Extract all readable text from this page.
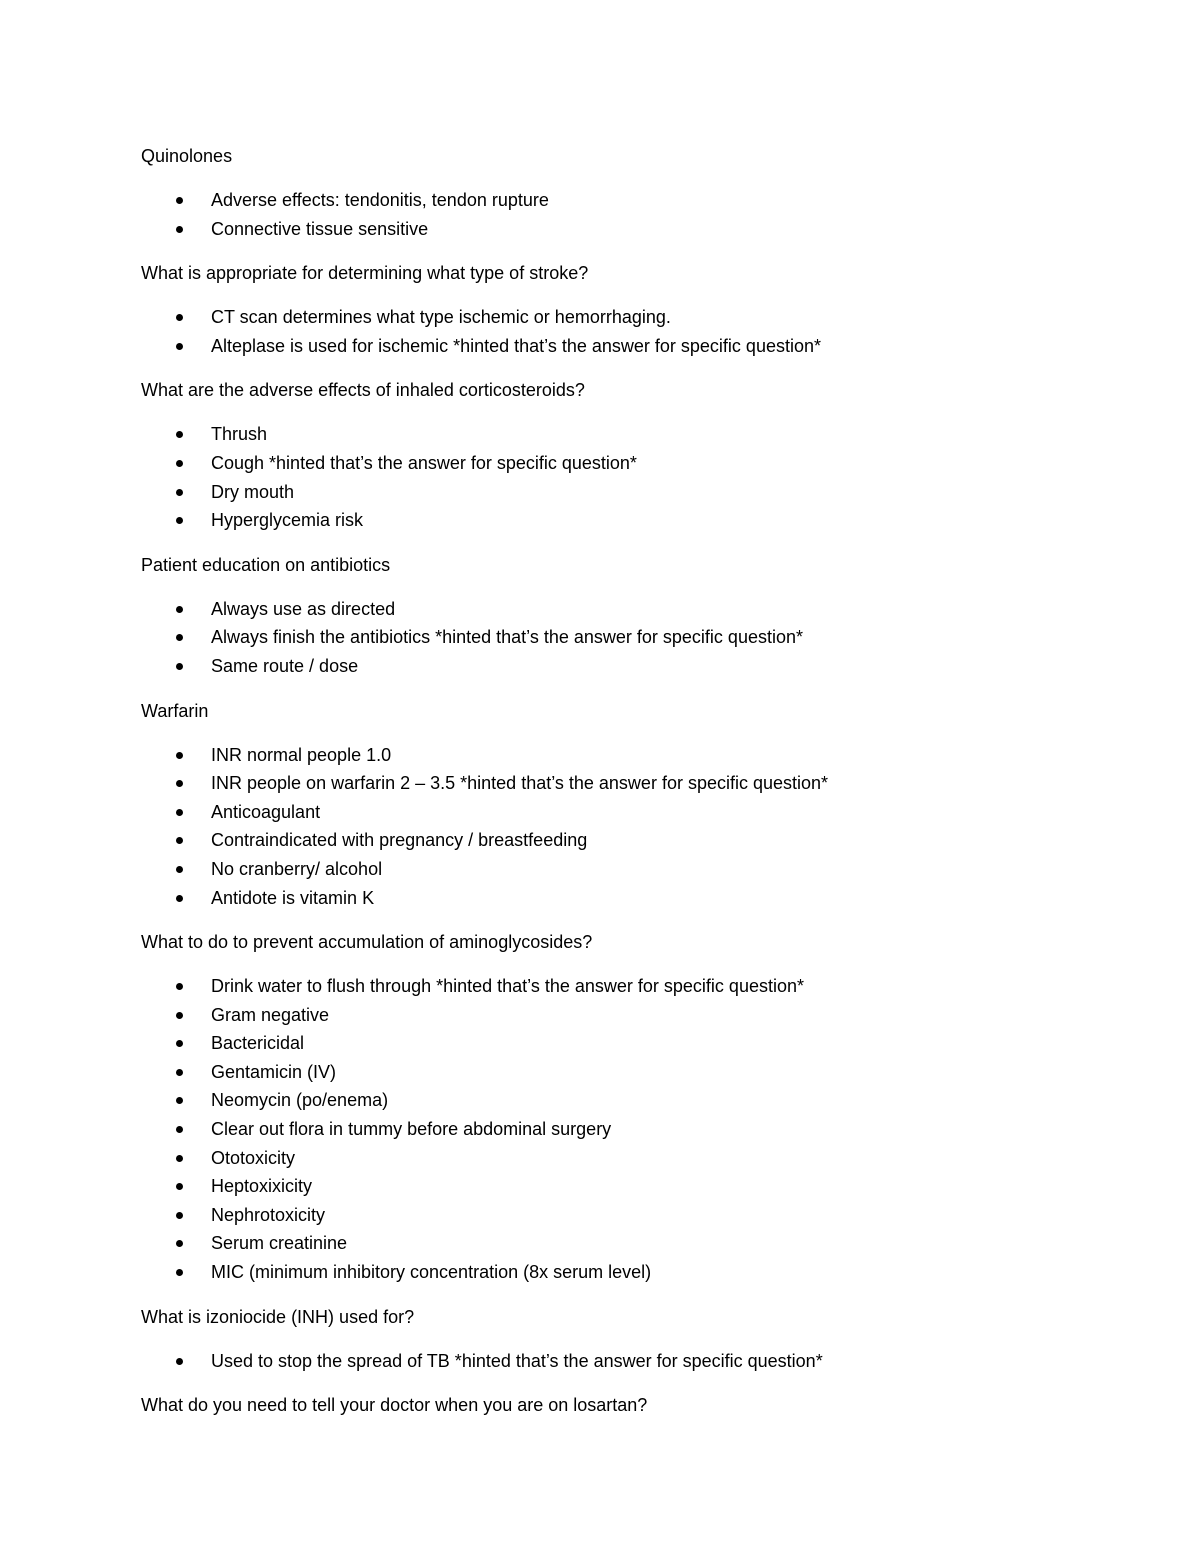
Quinolones

Adverse effects: tendonitis, tendon rupture
Connective tissue sensitive

What is appropriate for determining what type of stroke?

CT scan determines what type ischemic or hemorrhaging.
Alteplase is used for ischemic *hinted that’s the answer for specific question*

What are the adverse effects of inhaled corticosteroids?

Thrush
Cough *hinted that’s the answer for specific question*
Dry mouth
Hyperglycemia risk

Patient education on antibiotics

Always use as directed
Always finish the antibiotics *hinted that’s the answer for specific question*
Same route / dose

Warfarin

INR normal people 1.0
INR people on warfarin 2 – 3.5 *hinted that’s the answer for specific question*
Anticoagulant
Contraindicated with pregnancy / breastfeeding
No cranberry/ alcohol
Antidote is vitamin K

What to do to prevent accumulation of aminoglycosides?

Drink water to flush through *hinted that’s the answer for specific question*
Gram negative
Bactericidal
Gentamicin (IV)
Neomycin (po/enema)
Clear out flora in tummy before abdominal surgery
Ototoxicity
Heptoxixicity
Nephrotoxicity
Serum creatinine
MIC (minimum inhibitory concentration (8x serum level)

What is izoniocide (INH) used for?

Used to stop the spread of TB *hinted that’s the answer for specific question*

What do you need to tell your doctor when you are on losartan?
